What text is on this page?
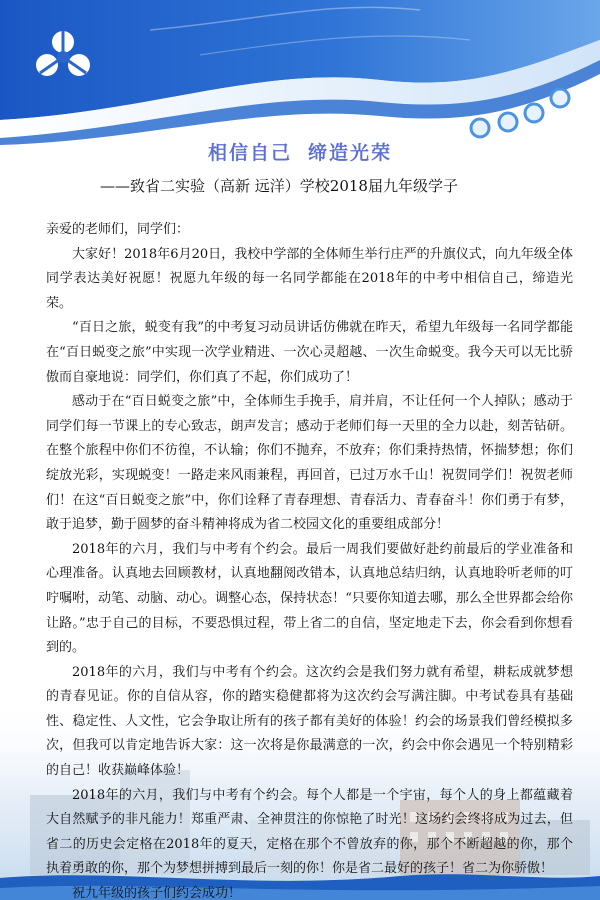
相信自己 缔造光荣
——致省二实验（高新 远洋）学校2018届九年级学子

亲爱的老师们，同学们：

大家好！2018年6月20日，我校中学部的全体师生举行庄严的升旗仪式，向九年级全体同学表达美好祝愿！祝愿九年级的每一名同学都能在2018年的中考中相信自己，缔造光荣。

“百日之旅，蜕变有我”的中考复习动员讲话仿佛就在昨天，希望九年级每一名同学都能在“百日蜕变之旅”中实现一次学业精进、一次心灵超越、一次生命蜕变。我今天可以无比骄傲而自豪地说：同学们，你们真了不起，你们成功了！

感动于在“百日蜕变之旅”中，全体师生手挽手，肩并肩，不让任何一个人掉队；感动于同学们每一节课上的专心致志，朗声发言；感动于老师们每一天里的全力以赴，刻苦钻研。在整个旅程中你们不彷徨，不认输；你们不抛弃，不放弃；你们秉持热情，怀揣梦想；你们绽放光彩，实现蜕变！一路走来风雨兼程，再回首，已过万水千山！祝贺同学们！祝贺老师们！在这“百日蜕变之旅”中，你们诠释了青春理想、青春活力、青春奋斗！你们勇于有梦，敢于追梦，勤于圆梦的奋斗精神将成为省二校园文化的重要组成部分！

2018年的六月，我们与中考有个约会。最后一周我们要做好赴约前最后的学业准备和心理准备。认真地去回顾教材，认真地翻阅改错本，认真地总结归纳，认真地聆听老师的叮咛嘱咐，动笔、动脑、动心。调整心态，保持状态！“只要你知道去哪，那么全世界都会给你让路。”忠于自己的目标，不要恐惧过程，带上省二的自信，坚定地走下去，你会看到你想看到的。

2018年的六月，我们与中考有个约会。这次约会是我们努力就有希望，耕耘成就梦想的青春见证。你的自信从容，你的踏实稳健都将为这次约会写满注脚。中考试卷具有基础性、稳定性、人文性，它会争取让所有的孩子都有美好的体验！约会的场景我们曾经模拟多次，但我可以肯定地告诉大家：这一次将是你最满意的一次，约会中你会遇见一个特别精彩的自己！收获巅峰体验！

2018年的六月，我们与中考有个约会。每个人都是一个宇宙，每个人的身上都蕴藏着大自然赋予的非凡能力！郑重严肃、全神贯注的你惊艳了时光！这场约会终将成为过去，但省二的历史会定格在2018年的夏天，定格在那个不曾放弃的你，那个不断超越的你，那个执着勇敢的你，那个为梦想拼搏到最后一刻的你！你是省二最好的孩子！省二为你骄傲！

祝九年级的孩子们约会成功！
